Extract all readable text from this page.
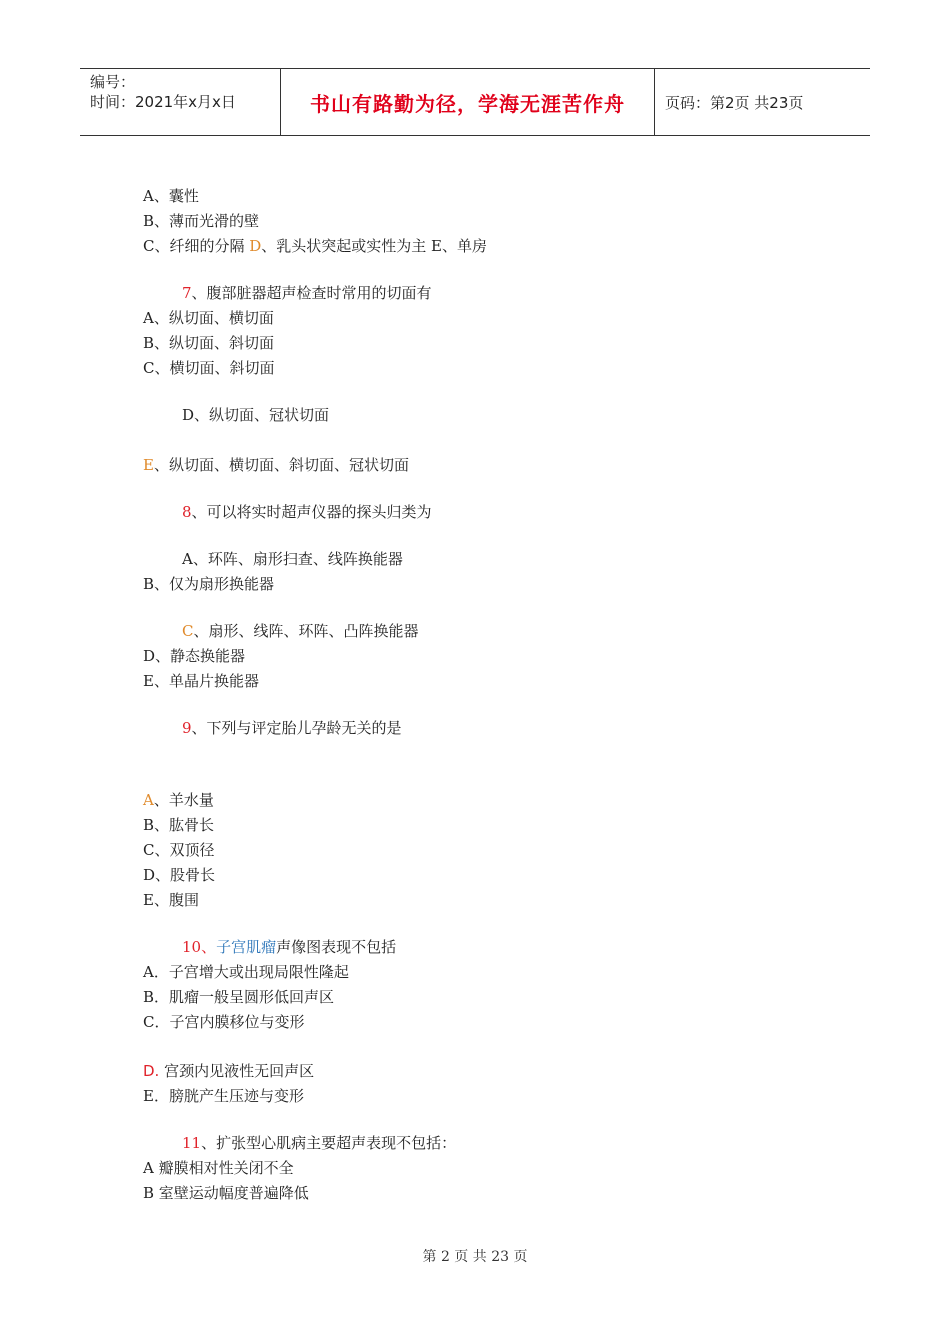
编号：
时间：2021年x月x日	书山有路勤为径，学海无涯苦作舟	页码：第2页 共23页
A、囊性
B、薄而光滑的壁
C、纤细的分隔 D、乳头状突起或实性为主 E、单房
7、腹部脏器超声检查时常用的切面有
A、纵切面、横切面
B、纵切面、斜切面
C、横切面、斜切面
D、纵切面、冠状切面
E、纵切面、横切面、斜切面、冠状切面
8、可以将实时超声仪器的探头归类为
A、环阵、扇形扫查、线阵换能器
B、仅为扇形换能器
C、扇形、线阵、环阵、凸阵换能器
D、静态换能器
E、单晶片换能器
9、下列与评定胎儿孕龄无关的是
A、羊水量
B、肱骨长
C、双顶径
D、股骨长
E、腹围
10、子宫肌瘤声像图表现不包括
A．子宫增大或出现局限性隆起
B．肌瘤一般呈圆形低回声区
C．子宫内膜移位与变形
D. 宫颈内见液性无回声区
E．膀胱产生压迹与变形
11、扩张型心肌病主要超声表现不包括：
A 瓣膜相对性关闭不全
B 室壁运动幅度普遍降低
第 2 页 共 23 页
